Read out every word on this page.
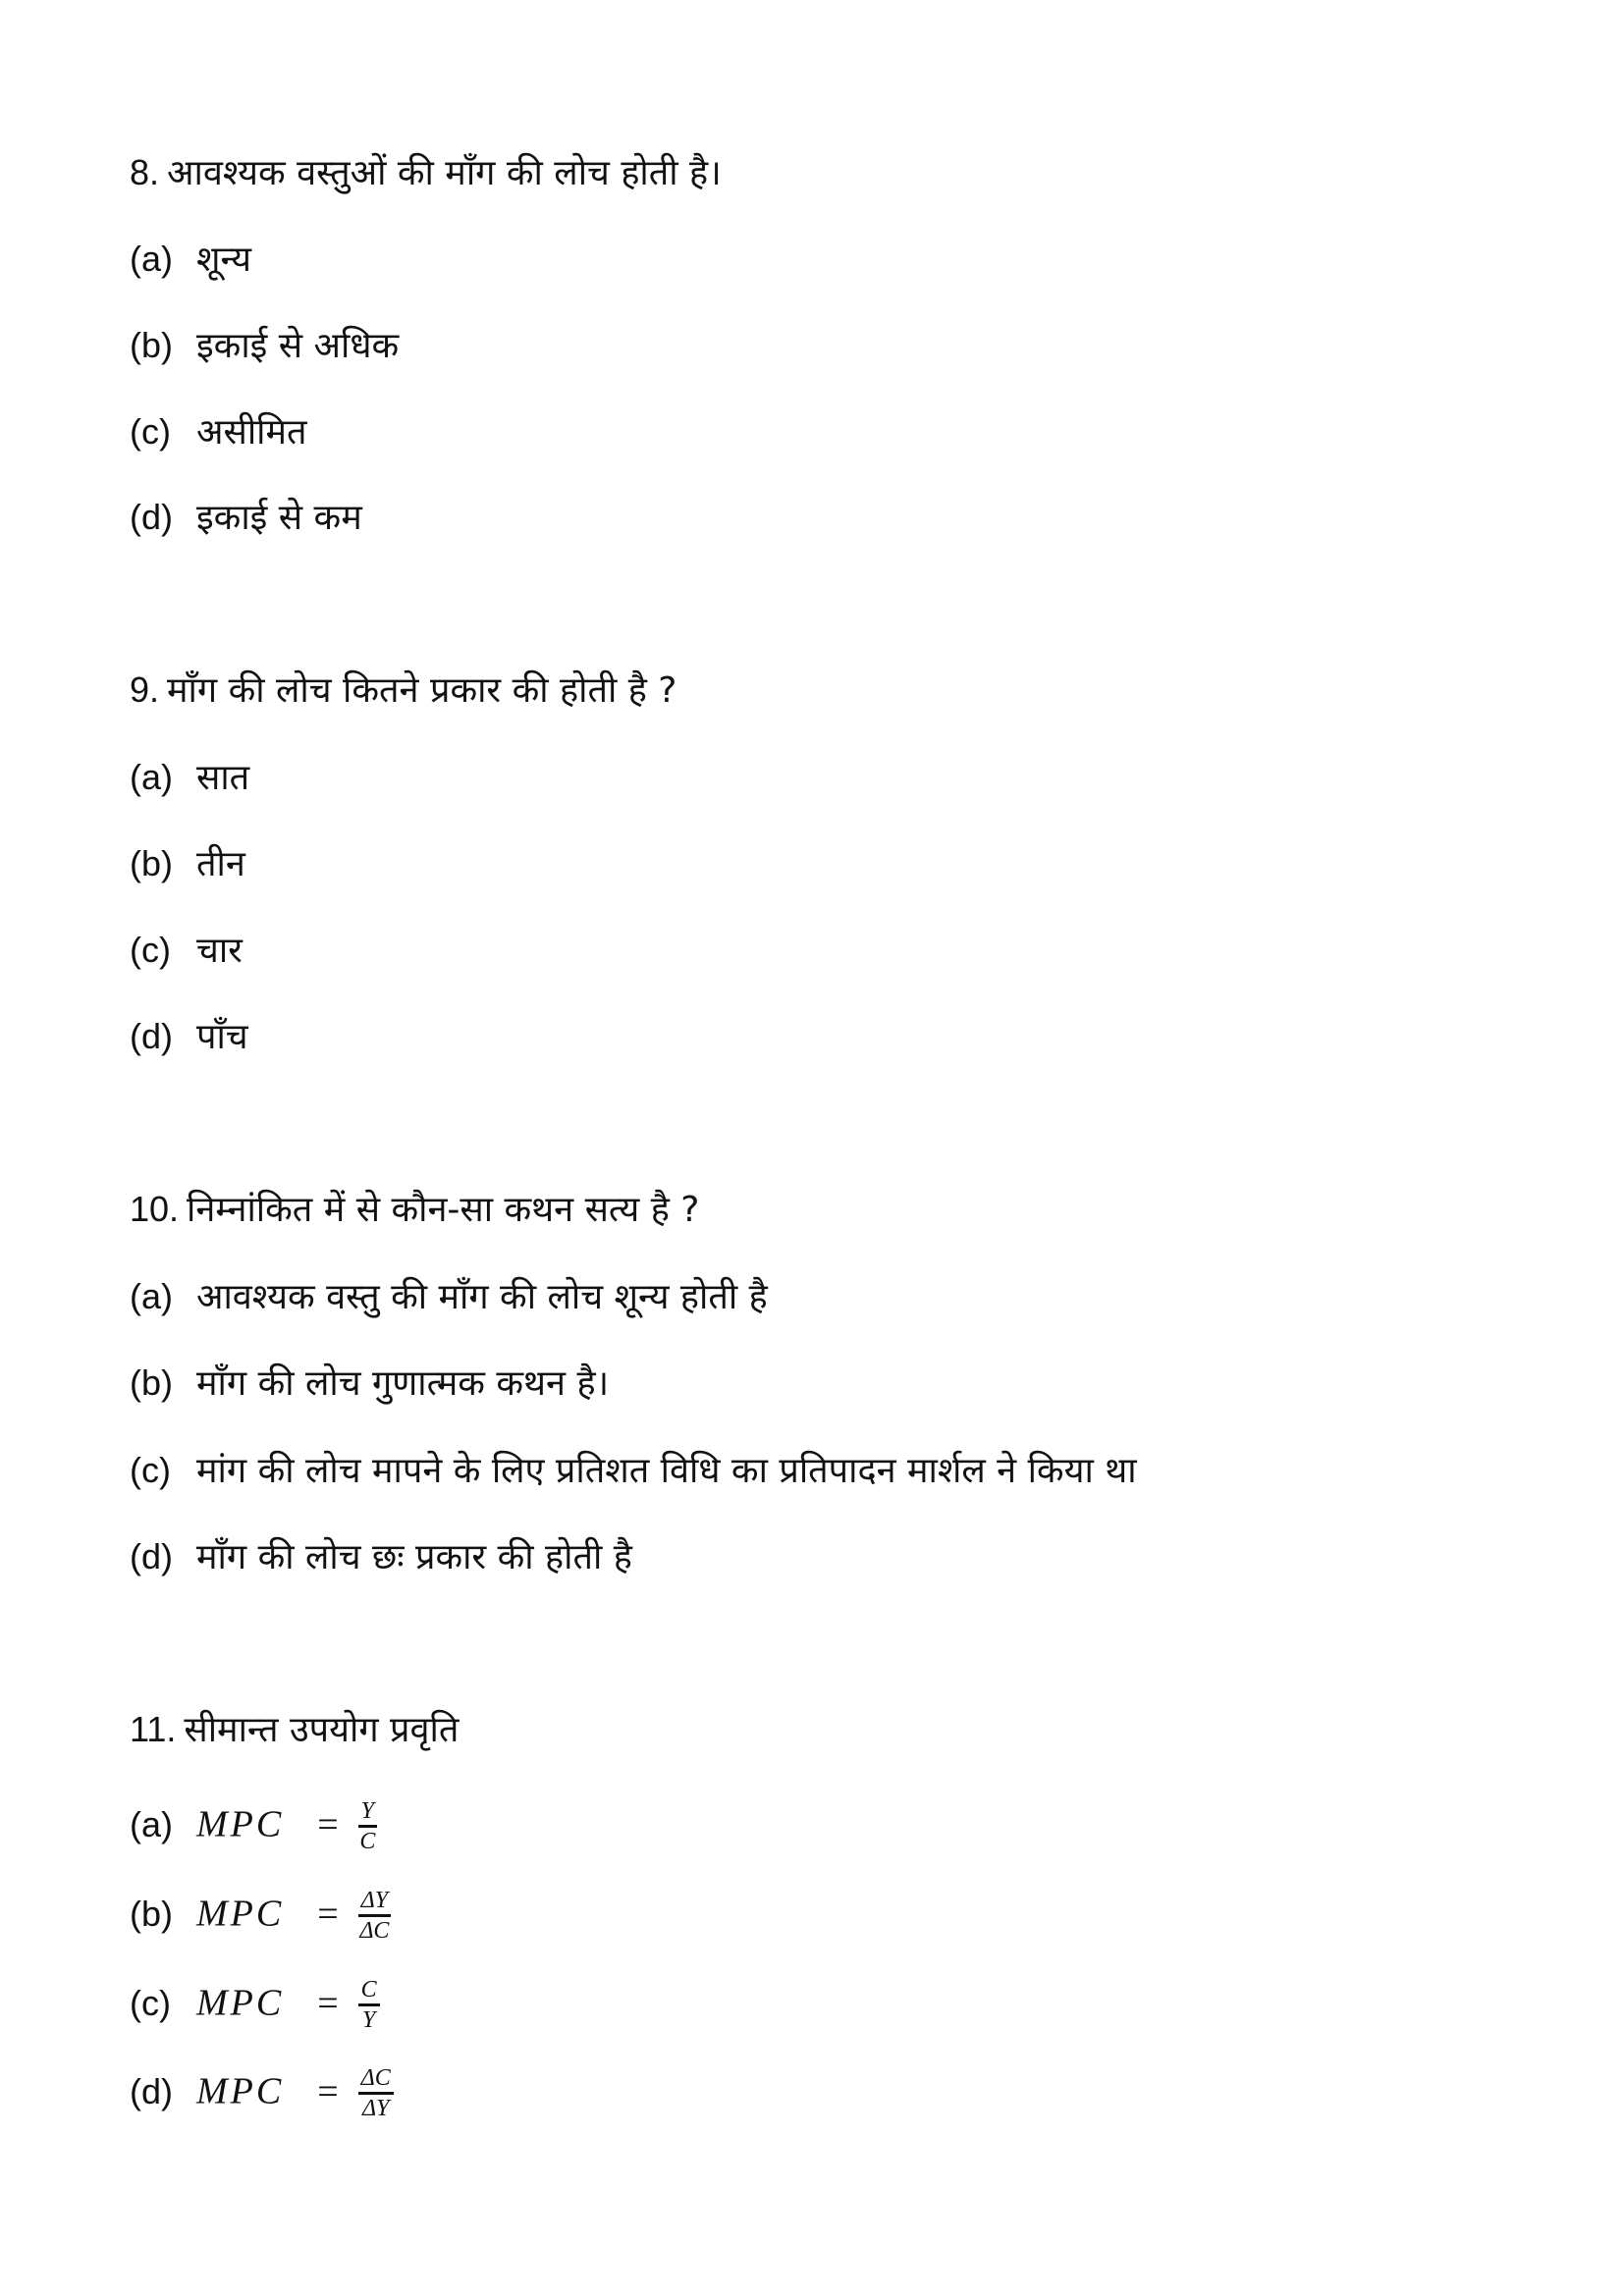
8. आवश्यक वस्तुओं की माँग की लोच होती है।
(a) शून्य
(b) इकाई से अधिक
(c) असीमित
(d) इकाई से कम
9. माँग की लोच कितने प्रकार की होती है ?
(a) सात
(b) तीन
(c) चार
(d) पाँच
10. निम्नांकित में से कौन-सा कथन सत्य है ?
(a) आवश्यक वस्तु की माँग की लोच शून्य होती है
(b) माँग की लोच गुणात्मक कथन है।
(c) मांग की लोच मापने के लिए प्रतिशत विधि का प्रतिपादन मार्शल ने किया था
(d) माँग की लोच छः प्रकार की होती है
11. सीमान्त उपयोग प्रवृति
(a) MPC = $\frac{Y}{C}$
(b) MPC = $\frac{\Delta Y}{\Delta C}$
(c) MPC = $\frac{C}{Y}$
(d) MPC = $\frac{\Delta C}{\Delta Y}$
